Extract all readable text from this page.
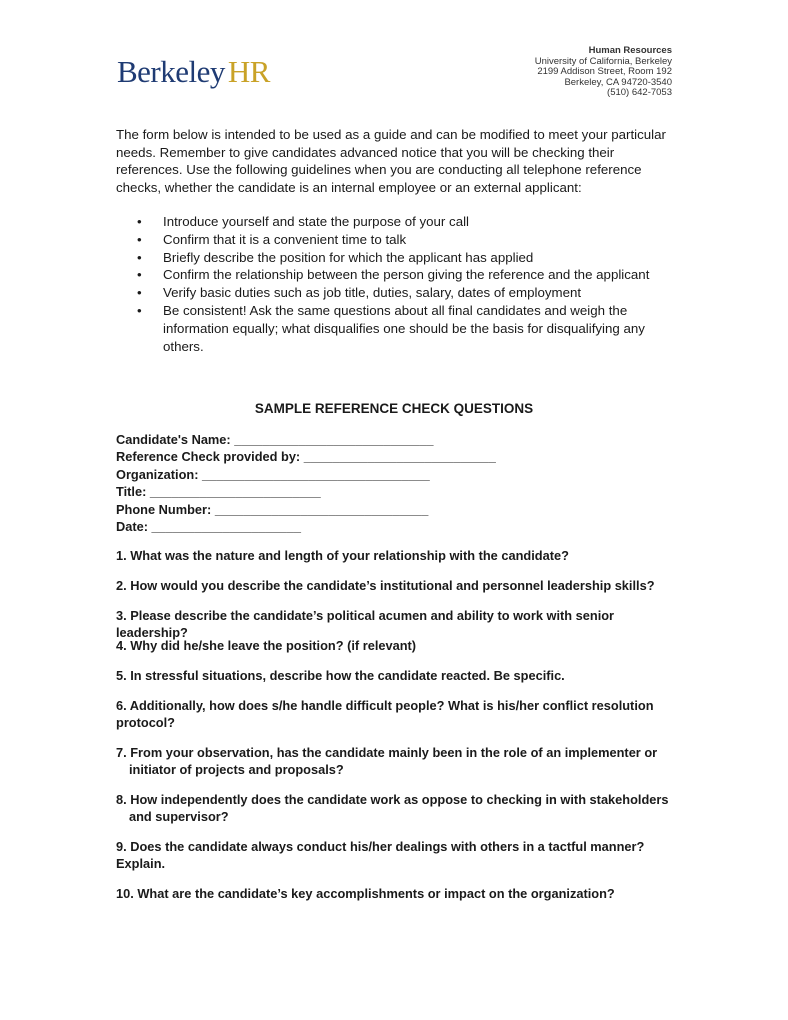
BerkeleyHR
Human Resources
University of California, Berkeley
2199 Addison Street, Room 192
Berkeley, CA 94720-3540
(510) 642-7053
The form below is intended to be used as a guide and can be modified to meet your particular needs. Remember to give candidates advanced notice that you will be checking their references. Use the following guidelines when you are conducting all telephone reference checks, whether the candidate is an internal employee or an external applicant:
• Introduce yourself and state the purpose of your call
• Confirm that it is a convenient time to talk
• Briefly describe the position for which the applicant has applied
• Confirm the relationship between the person giving the reference and the applicant
• Verify basic duties such as job title, duties, salary, dates of employment
• Be consistent! Ask the same questions about all final candidates and weigh the information equally; what disqualifies one should be the basis for disqualifying any others.
SAMPLE REFERENCE CHECK QUESTIONS
Candidate's Name: ____________________________
Reference Check provided by: ___________________________
Organization: ________________________________
Title: ________________________
Phone Number: ______________________________
Date: _____________________
1. What was the nature and length of your relationship with the candidate?
2. How would you describe the candidate’s institutional and personnel leadership skills?
3. Please describe the candidate’s political acumen and ability to work with senior leadership?
4. Why did he/she leave the position? (if relevant)
5. In stressful situations, describe how the candidate reacted. Be specific.
6. Additionally, how does s/he handle difficult people? What is his/her conflict resolution
protocol?
7. From your observation, has the candidate mainly been in the role of an implementer or
initiator of projects and proposals?
8. How independently does the candidate work as oppose to checking in with stakeholders
and supervisor?
9. Does the candidate always conduct his/her dealings with others in a tactful manner?
Explain.
10. What are the candidate’s key accomplishments or impact on the organization?
